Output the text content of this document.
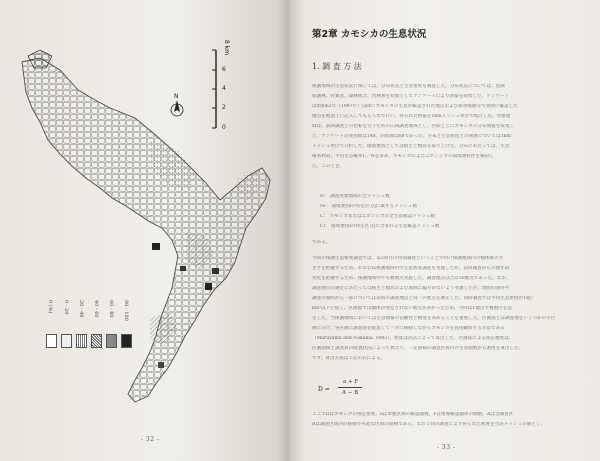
8 km
0
2
4
6
N
0 (%) 0 - 20 20 - 40 40 - 60 60 - 80 80 - 100
- 32 -
第2章 カモシカの生息状況
1. 調 査 方 法
保護地域の生息状況に関しては、分布状況と生息密度を調査した。分布状況については、危険
保護林、狩猟者、森林組合、営林署を対象としてアンケートにより情報を収集した。アンケート
は昭和62年（1987年）以降にカモシカの生息が確認された地点および採食痕跡等で実際に確認した
地点を地図上に記入してもらう形で行い、得られた情報を1kmメッシュ単位で集計した。対象地
域は、前回調査との比較を行うための広域調査地域とし、区間ごとにカモシカの分布情報を収集し
た。アンケートの発送数は148、回収数は68であった。分布と生息密度との関連については1km
メッシュ単位で分析した。環境要因としては植生と標高を取り上げた。分布にあたっては、生息
確率P(x)、平均生息確率C／Nを求め、カモシカおよびニホンジカの環境選好性を検討し
た。このとき、
N： 調査対象地域の全メッシュ数
Ni： 環境要因iの特定区分jに属するメッシュ数
C： カモシカまたはニホンジカの全生息確認メッシュ数
Ci： 環境要因iの特定区分jに含まれる生息確認メッシュ数
である。
今回の保護生息密度調査では、第2回目の特別調査ということで特に保護地域内の個体群の大
きさを把握するため、おおむね保護地域内で生息密度調査を実施したが、前回調査からの経年的
変化を把握するため、保護地域外でも数地点実施した。調査地点は合計30地点であった。なお、
調査地点の選定にあたっては植生と標高および地域に偏りがないよう考慮したが、地形的条件や
調査の制約から一部については前回の調査地点と同一の地点を選定した。同時調査では平均生息密度が1頭／
km²以下と低く、区画面では個体が発見されない地点が多かったため、今回は1地点で複数区を設
定した。当保護地域においては生息情報の信頼性と精度を高めることを重視した。区画法とは調査地をいくつかの小区
画に分け、各区画に調査員を配置して一斉に移動しながらカモシカを直接観察する方法である
（Maruyama and Nakama, 1983）。密度は次式によって算出した。区画法による推定精度は、
区画面積と調査員の配置状況によって異なり、一定面積の調査区域内の生息頭数から密度を算出した。
です。算出方法は下記の式による。
D =
a + F
A − B
ここでDはカモシカの推定密度、aは単独区画の確認頭数、Fは重複確認個体の頭数、Aは全調査区
Bは調査区域内の移動不可能な区域の面積である。なお１回の調査により得られた密度を当該メッシュの値とし、
- 33 -
